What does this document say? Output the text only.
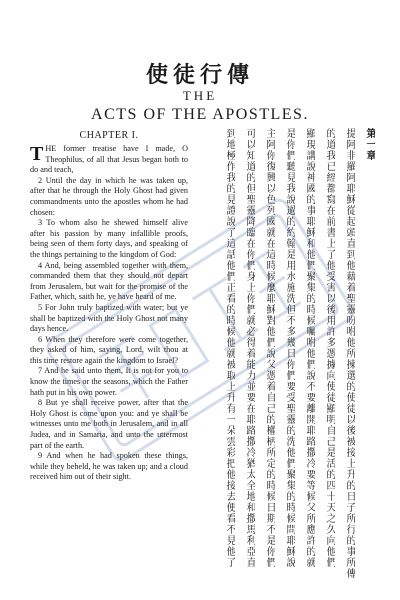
使徒行傳
THE
ACTS OF THE APOSTLES.
CHAPTER I.

THE former treatise have I made, O Theophilus, of all that Jesus began both to do and teach,

2 Until the day in which he was taken up, after that he through the Holy Ghost had given commandments unto the apostles whom he had chosen:

3 To whom also he shewed himself alive after his passion by many infallible proofs, being seen of them forty days, and speaking of the things pertaining to the kingdom of God:

4 And, being assembled together with them, commanded them that they should not depart from Jerusalem, but wait for the promise of the Father, which, saith he, ye have heard of me.

5 For John truly baptized with water; but ye shall be baptized with the Holy Ghost not many days hence.

6 When they therefore were come together, they asked of him, saying, Lord, wilt thou at this time restore again the kingdom to Israel?

7 And he said unto them, It is not for you to know the times or the seasons, which the Father hath put in his own power.

8 But ye shall receive power, after that the Holy Ghost is come upon you: and ye shall be witnesses unto me both in Jerusalem, and in all Judea, and in Samaria, and unto the uttermost part of the earth.

9 And when he had spoken these things, while they beheld, he was taken up; and a cloud received him out of their sight.

第一章
提阿非羅阿耶穌從起頭直到他藉着聖靈吩咐他所揀選的使徒以後被接上升的日子所行的事所傳
的道我已經都寫在前書上了他受害以後用許多憑據向使徒顯明自己是活的四十天之久向他們
顯現講說神國的事耶穌和他們聚集的時候囑咐他們說不要離開耶路撒冷要等候父所應許的就
是你們聽見我說過的約翰是用水施洗但不多幾日你們要受聖靈的洗他們聚集的時候問耶穌說
主阿你復興以色列國就在這時候麼耶穌對他們說父憑着自己的權柄所定的時候日期不是你們
可以知道的但聖靈降臨在你們身上你們就必得着能力並要在耶路撒冷猶太全地和撒馬利亞直
到地極作我的見證說了這話他們正看的時候他就被取上升有一朵雲彩把他接去便看不見他了
